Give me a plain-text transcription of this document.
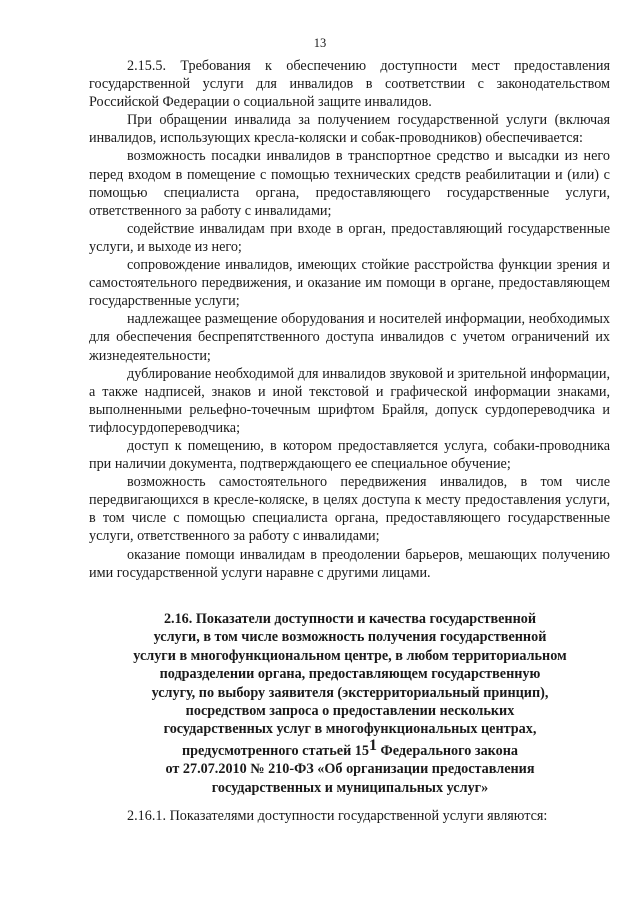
13

2.15.5. Требования к обеспечению доступности мест предоставления государственной услуги для инвалидов в соответствии с законодательством Российской Федерации о социальной защите инвалидов.

При обращении инвалида за получением государственной услуги (включая инвалидов, использующих кресла-коляски и собак-проводников) обеспечивается:

возможность посадки инвалидов в транспортное средство и высадки из него перед входом в помещение с помощью технических средств реабилитации и (или) с помощью специалиста органа, предоставляющего государственные услуги, ответственного за работу с инвалидами;

содействие инвалидам при входе в орган, предоставляющий государственные услуги, и выходе из него;

сопровождение инвалидов, имеющих стойкие расстройства функции зрения и самостоятельного передвижения, и оказание им помощи в органе, предоставляющем государственные услуги;

надлежащее размещение оборудования и носителей информации, необходимых для обеспечения беспрепятственного доступа инвалидов с учетом ограничений их жизнедеятельности;

дублирование необходимой для инвалидов звуковой и зрительной информации, а также надписей, знаков и иной текстовой и графической информации знаками, выполненными рельефно-точечным шрифтом Брайля, допуск сурдопереводчика и тифлосурдопереводчика;

доступ к помещению, в котором предоставляется услуга, собаки-проводника при наличии документа, подтверждающего ее специальное обучение;

возможность самостоятельного передвижения инвалидов, в том числе передвигающихся в кресле-коляске, в целях доступа к месту предоставления услуги, в том числе с помощью специалиста органа, предоставляющего государственные услуги, ответственного за работу с инвалидами;

оказание помощи инвалидам в преодолении барьеров, мешающих получению ими государственной услуги наравне с другими лицами.

2.16. Показатели доступности и качества государственной

услуги, в том числе возможность получения государственной

услуги в многофункциональном центре, в любом территориальном

подразделении органа, предоставляющем государственную

услугу, по выбору заявителя (экстерриториальный принцип),

посредством запроса о предоставлении нескольких

государственных услуг в многофункциональных центрах,

предусмотренного статьей $15^1$ Федерального закона

от 27.07.2010 № 210-ФЗ «Об организации предоставления

государственных и муниципальных услуг»

2.16.1. Показателями доступности государственной услуги являются:
